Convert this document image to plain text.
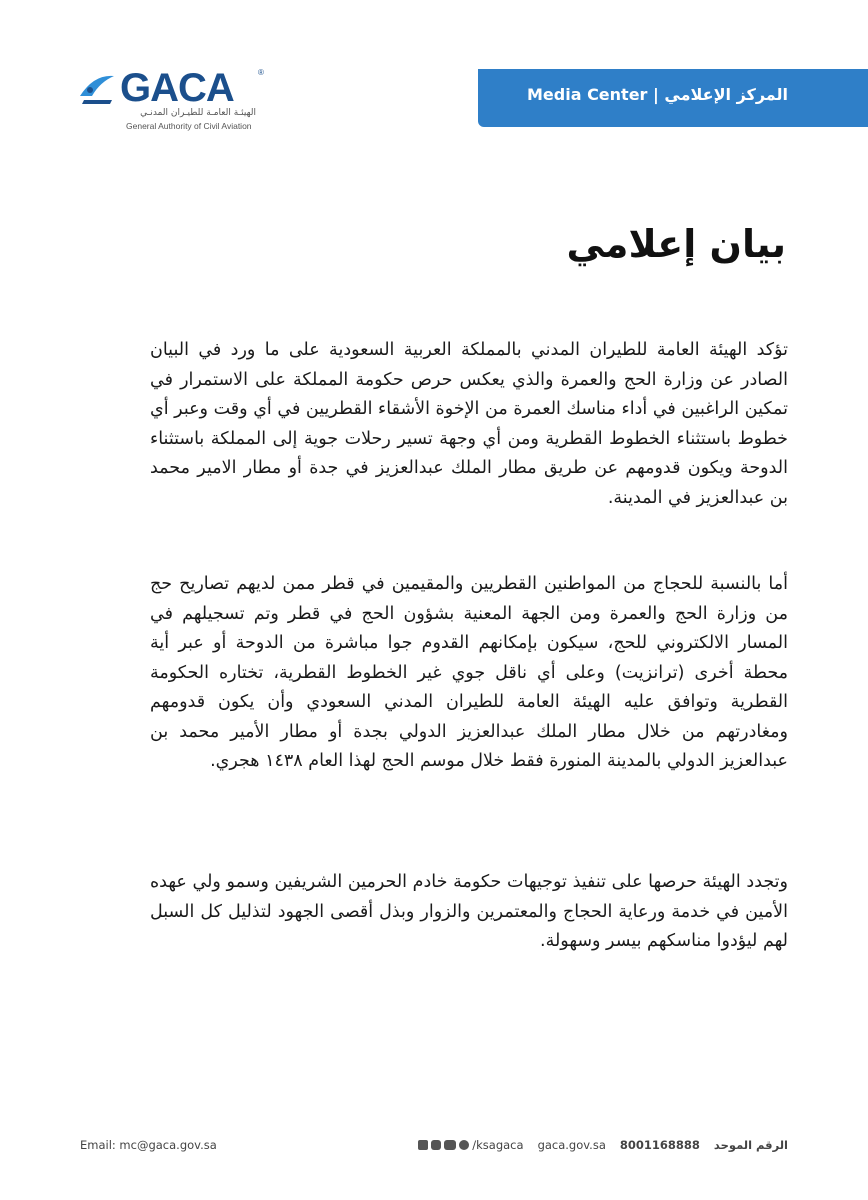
GACA	®
الهيئـة العامـة للطيـران المدنـي
General Authority of Civil Aviation
Media Center | المركز الإعلامي
بيان إعلامي
تؤكد الهيئة العامة للطيران المدني بالمملكة العربية السعودية على ما ورد في البيان الصادر عن وزارة الحج والعمرة والذي يعكس حرص حكومة المملكة على الاستمرار في تمكين الراغبين في أداء مناسك العمرة من الإخوة الأشقاء القطريين في أي وقت وعبر أي خطوط باستثناء الخطوط القطرية ومن أي وجهة تسير رحلات جوية إلى المملكة باستثناء الدوحة ويكون قدومهم عن طريق مطار الملك عبدالعزيز في جدة أو مطار الامير محمد بن عبدالعزيز في المدينة.
أما بالنسبة للحجاج من المواطنين القطريين والمقيمين في قطر ممن لديهم تصاريح حج من وزارة الحج والعمرة ومن الجهة المعنية بشؤون الحج في قطر وتم تسجيلهم في المسار الالكتروني للحج، سيكون بإمكانهم القدوم جوا مباشرة من الدوحة أو عبر أية محطة أخرى (ترانزيت) وعلى أي ناقل جوي غير الخطوط القطرية، تختاره الحكومة القطرية وتوافق عليه الهيئة العامة للطيران المدني السعودي وأن يكون قدومهم ومغادرتهم من خلال مطار الملك عبدالعزيز الدولي بجدة أو مطار الأمير محمد بن عبدالعزيز الدولي بالمدينة المنورة فقط خلال موسم الحج لهذا العام ١٤٣٨ هجري.
وتجدد الهيئة حرصها على تنفيذ توجيهات حكومة خادم الحرمين الشريفين وسمو ولي عهده الأمين في خدمة ورعاية الحجاج والمعتمرين والزوار وبذل أقصى الجهود لتذليل كل السبل لهم ليؤدوا مناسكهم بيسر وسهولة.
Email: mc@gaca.gov.sa	/ksagaca gaca.gov.sa 8001168888 الرقم الموحد
